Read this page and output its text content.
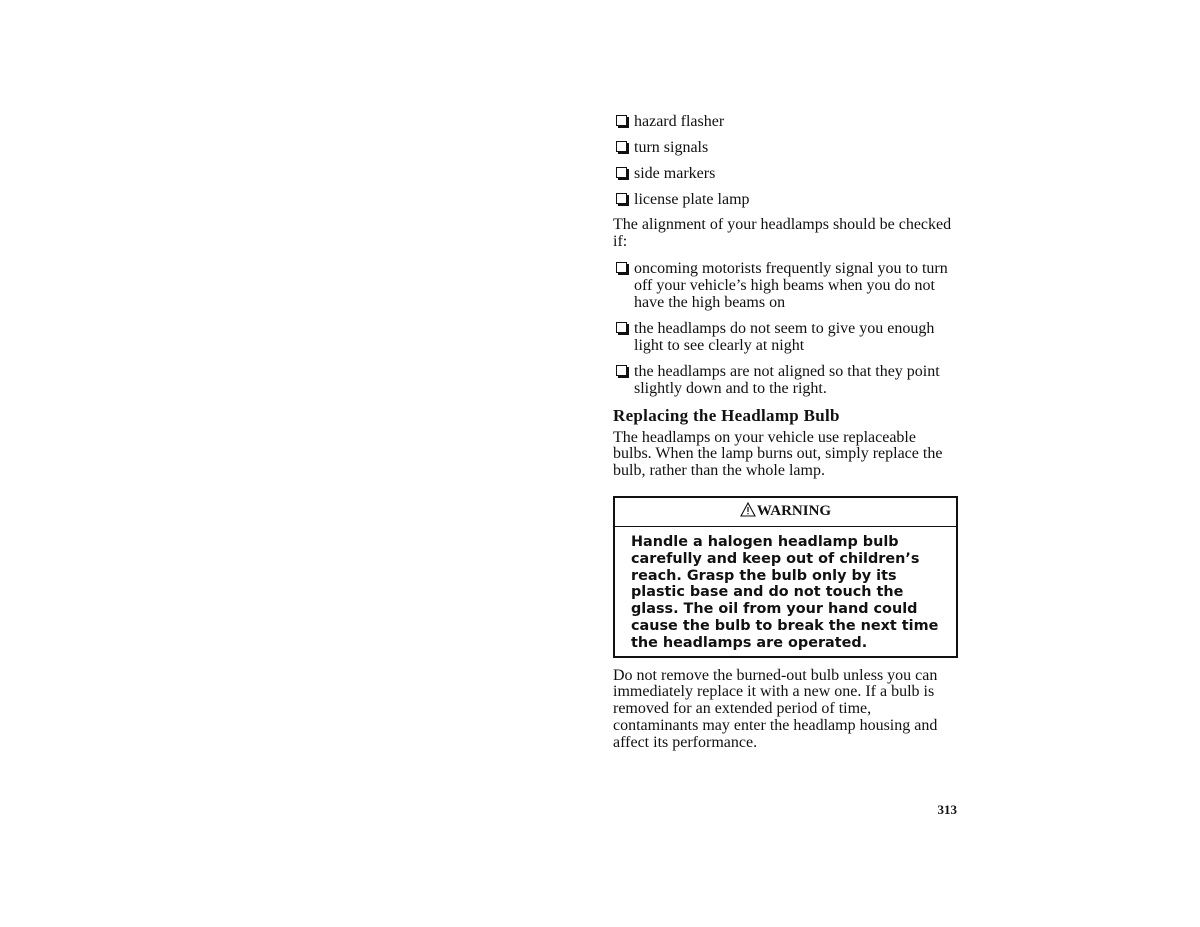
hazard flasher
turn signals
side markers
license plate lamp

The alignment of your headlamps should be checked if:

oncoming motorists frequently signal you to turn off your vehicle’s high beams when you do not have the high beams on
the headlamps do not seem to give you enough light to see clearly at night
the headlamps are not aligned so that they point slightly down and to the right.
Replacing the Headlamp Bulb

The headlamps on your vehicle use replaceable bulbs. When the lamp burns out, simply replace the bulb, rather than the whole lamp.

WARNING
Handle a halogen headlamp bulb carefully and keep out of children’s reach. Grasp the bulb only by its plastic base and do not touch the glass. The oil from your hand could cause the bulb to break the next time the headlamps are operated.

Do not remove the burned-out bulb unless you can immediately replace it with a new one. If a bulb is removed for an extended period of time, contaminants may enter the headlamp housing and affect its performance.

313
